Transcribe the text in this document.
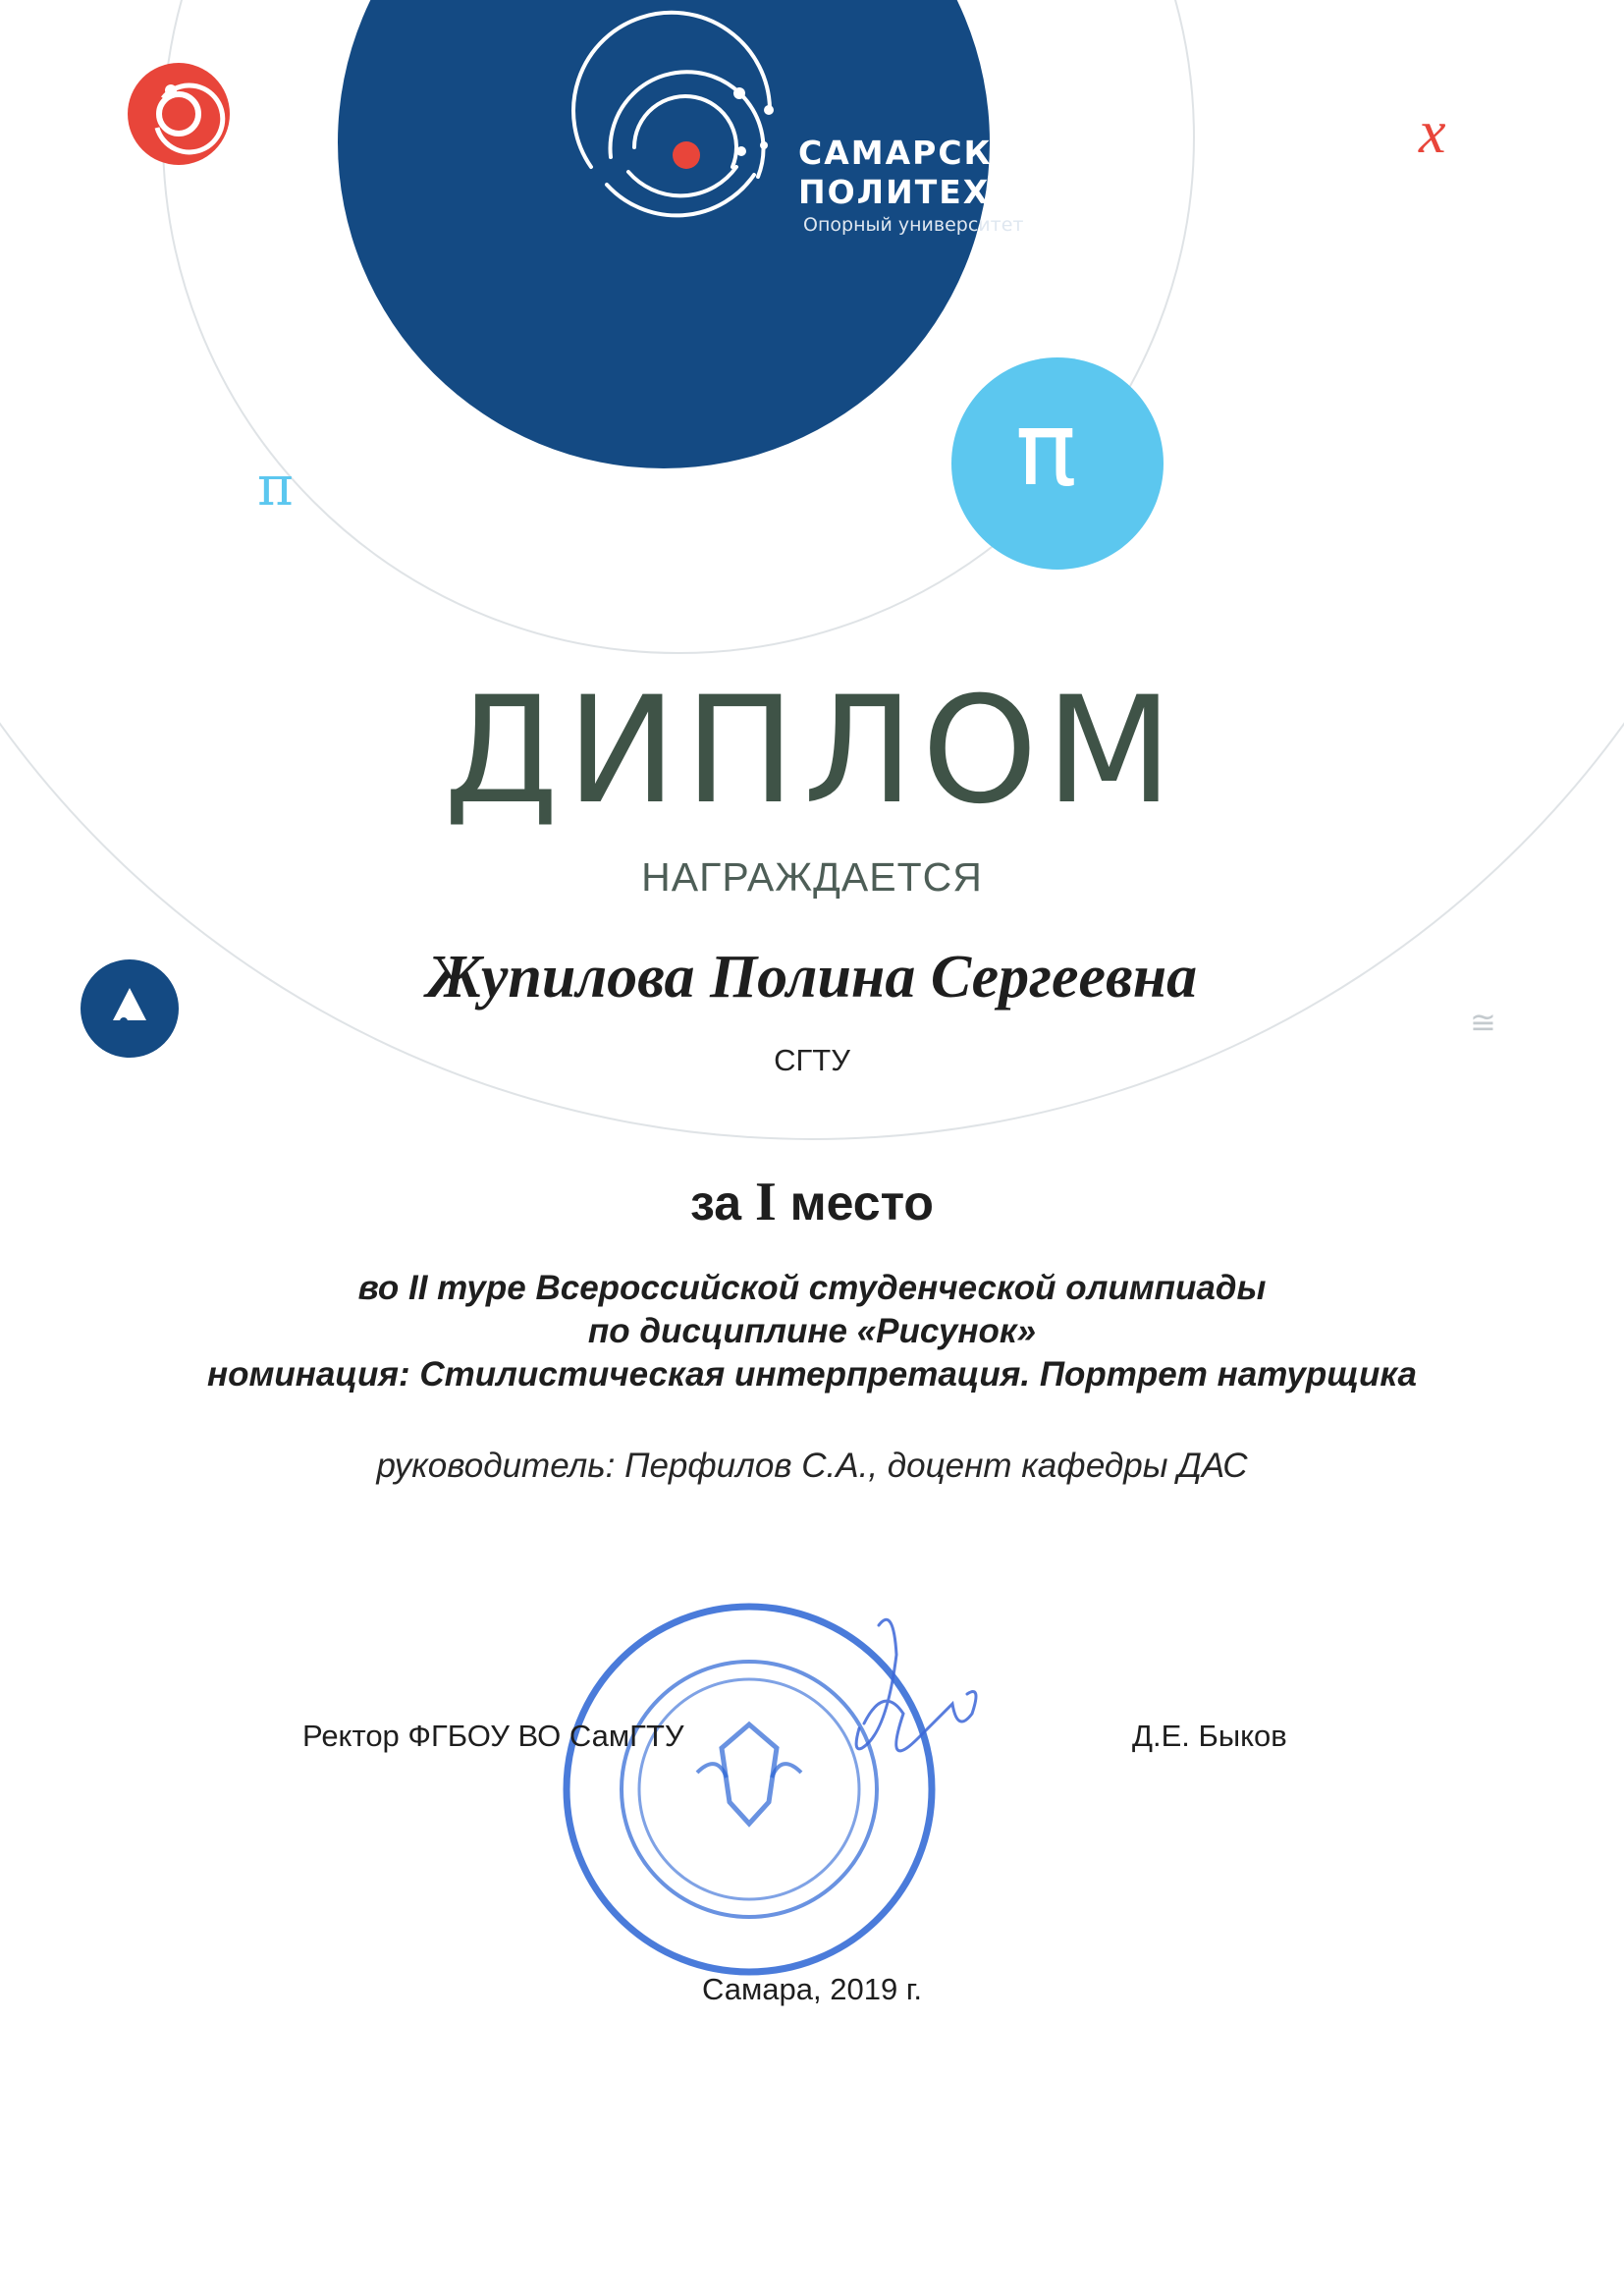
САМАРСКИЙ
ПОЛИТЕХ
Опорный университет
x
π
π
≅
ДИПЛОМ
НАГРАЖДАЕТСЯ
Жупилова Полина Сергеевна
СГТУ
за I место
во II туре Всероссийской студенческой олимпиады
по дисциплине «Рисунок»
номинация: Стилистическая интерпретация. Портрет натурщика
руководитель: Перфилов С.А., доцент кафедры ДАС
Ректор ФГБОУ ВО СамГТУ	Д.Е. Быков
Самара, 2019 г.
